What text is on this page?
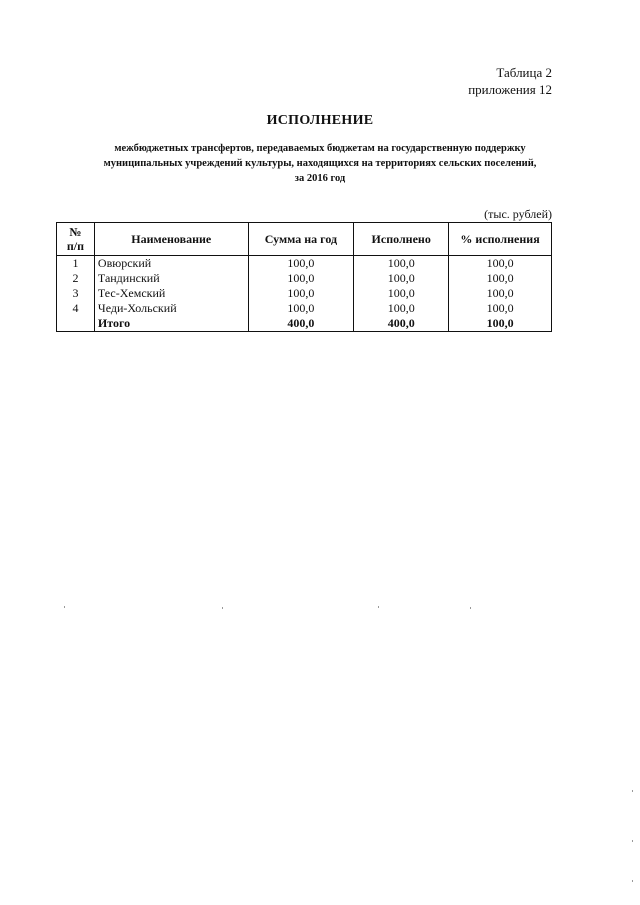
Таблица 2
приложения 12
ИСПОЛНЕНИЕ
межбюджетных трансфертов, передаваемых бюджетам на государственную поддержку
муниципальных учреждений культуры, находящихся на территориях сельских поселений,
за 2016 год
(тыс. рублей)
№
п/п	Наименование	Сумма на год	Исполнено	% исполнения
1	Овюрский	100,0	100,0	100,0
2	Тандинский	100,0	100,0	100,0
3	Тес-Хемский	100,0	100,0	100,0
4	Чеди-Хольский	100,0	100,0	100,0
	Итого	400,0	400,0	100,0
